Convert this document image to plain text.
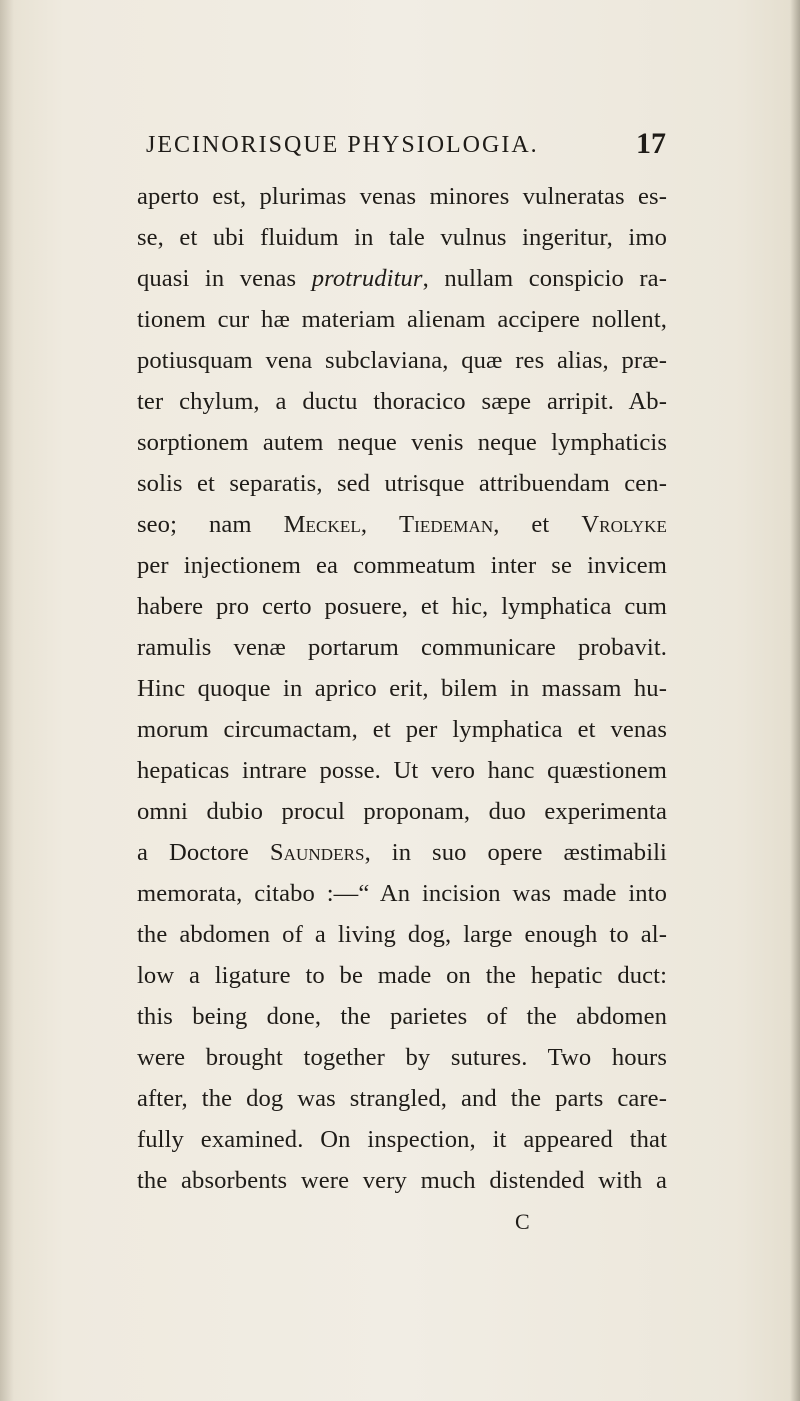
JECINORISQUE PHYSIOLOGIA.	17
aperto est, plurimas venas minores vulneratas es-
se, et ubi fluidum in tale vulnus ingeritur, imo
quasi in venas protruditur, nullam conspicio ra-
tionem cur hæ materiam alienam accipere nollent,
potiusquam vena subclaviana, quæ res alias, præ-
ter chylum, a ductu thoracico sæpe arripit. Ab-
sorptionem autem neque venis neque lymphaticis
solis et separatis, sed utrisque attribuendam cen-
seo; nam Meckel, Tiedeman, et Vrolyke
per injectionem ea commeatum inter se invicem
habere pro certo posuere, et hic, lymphatica cum
ramulis venæ portarum communicare probavit.
Hinc quoque in aprico erit, bilem in massam hu-
morum circumactam, et per lymphatica et venas
hepaticas intrare posse. Ut vero hanc quæstionem
omni dubio procul proponam, duo experimenta
a Doctore Saunders, in suo opere æstimabili
memorata, citabo :—“ An incision was made into
the abdomen of a living dog, large enough to al-
low a ligature to be made on the hepatic duct:
this being done, the parietes of the abdomen
were brought together by sutures. Two hours
after, the dog was strangled, and the parts care-
fully examined. On inspection, it appeared that
the absorbents were very much distended with a
C
